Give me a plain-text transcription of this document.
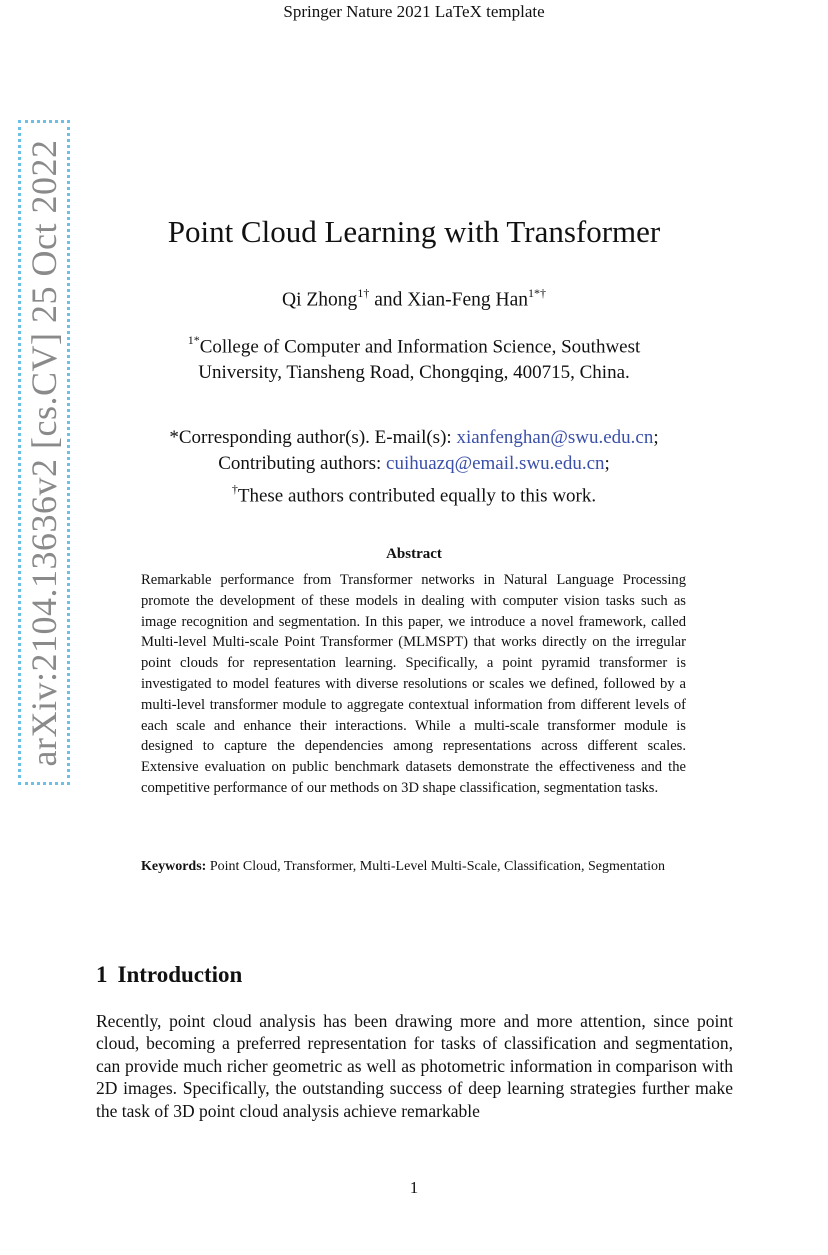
Springer Nature 2021 LaTeX template
arXiv:2104.13636v2 [cs.CV] 25 Oct 2022	Point Cloud Learning with Transformer
Qi Zhong$^{1\dagger}$ and Xian-Feng Han$^{1*\dagger}$
$^{1*}$College of Computer and Information Science, Southwest
University, Tiansheng Road, Chongqing, 400715, China.
*Corresponding author(s). E-mail(s): xianfenghan@swu.edu.cn;
Contributing authors: cuihuazq@email.swu.edu.cn;
†These authors contributed equally to this work.
Abstract

Remarkable performance from Transformer networks in Natural Language Processing promote the development of these models in dealing with computer vision tasks such as image recognition and segmentation. In this paper, we introduce a novel framework, called Multi-level Multi-scale Point Transformer (MLMSPT) that works directly on the irregular point clouds for representation learning. Specifically, a point pyramid transformer is investigated to model features with diverse resolutions or scales we defined, followed by a multi-level transformer module to aggregate contextual information from different levels of each scale and enhance their interactions. While a multi-scale transformer module is designed to capture the dependencies among representations across different scales. Extensive evaluation on public benchmark datasets demonstrate the effectiveness and the competitive performance of our methods on 3D shape classification, segmentation tasks.

Keywords: Point Cloud, Transformer, Multi-Level Multi-Scale, Classification, Segmentation

1 Introduction

Recently, point cloud analysis has been drawing more and more attention, since point cloud, becoming a preferred representation for tasks of classification and segmentation, can provide much richer geometric as well as photometric information in comparison with 2D images. Specifically, the outstanding success of deep learning strategies further make the task of 3D point cloud analysis achieve remarkable

1
